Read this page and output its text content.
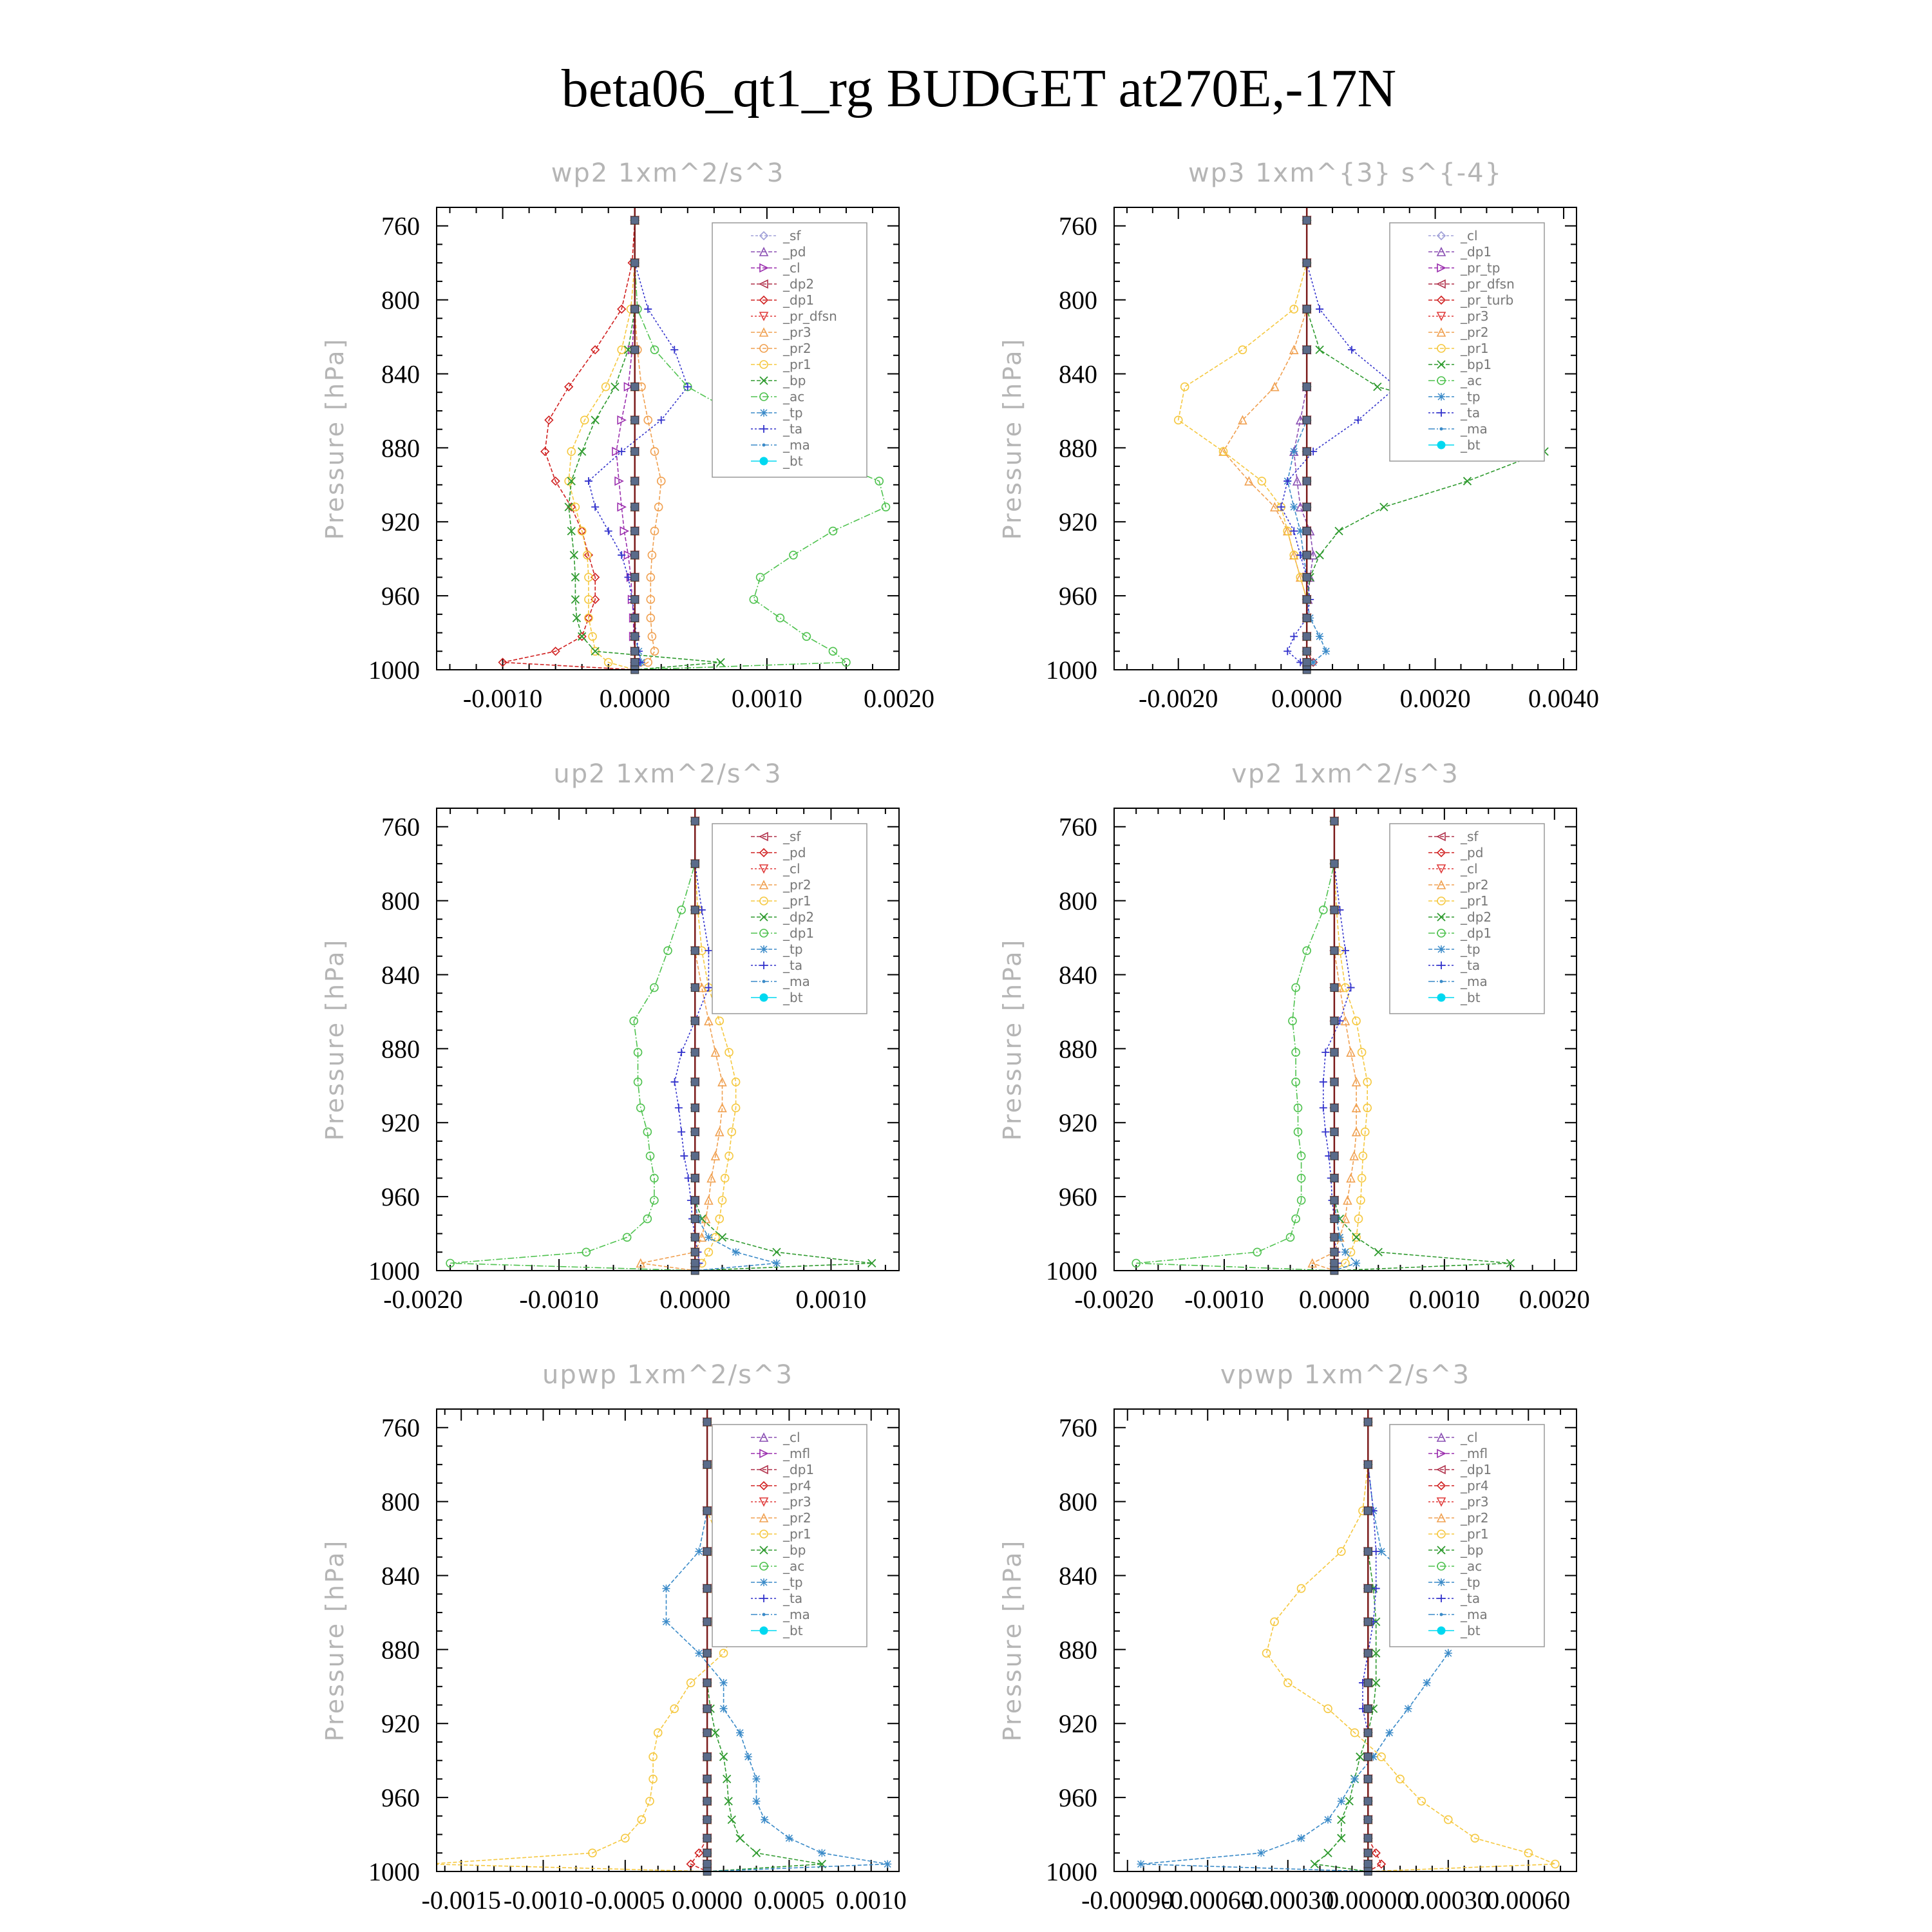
beta06_qt1_rg BUDGET at270E,-17N
wp2 1xm^2/s^3
Pressure [hPa]
760
800
840
880
920
960
1000
-0.0010 0.0000 0.0010 0.0020
_sf
_pd
_cl
_dp2
_dp1
_pr_dfsn
_pr3
_pr2
_pr1
_bp
_ac
_tp
_ta
_ma
_bt
wp3 1xm^{3} s^{-4}
Pressure [hPa]
760
800
840
880
920
960
1000
-0.0020 0.0000 0.0020 0.0040
_cl
_dp1
_pr_tp
_pr_dfsn
_pr_turb
_pr3
_pr2
_pr1
_bp1
_ac
_tp
_ta
_ma
_bt
up2 1xm^2/s^3
Pressure [hPa]
760
800
840
880
920
960
1000
-0.0020 -0.0010 0.0000	0.0010
_sf
_pd
_cl
_pr2
_pr1
_dp2
_dp1
_tp
_ta
_ma
_bt
vp2 1xm^2/s^3
Pressure [hPa]
760
800
840
880
920
960
1000
-0.0020 -0.0010 0.0000 0.0010 0.0020
_sf
_pd
_cl
_pr2
_pr1
_dp2
_dp1
_tp
_ta
_ma
_bt
upwp 1xm^2/s^3
Pressure [hPa]
760
800
840
880
920
960
1000
-0.0015 -0.0010 -0.0005 0.0000 0.0005 0.0010
_cl
_mfl
_dp1
_pr4
_pr3
_pr2
_pr1
_bp
_ac
_tp
_ta
_ma
_bt
vpwp 1xm^2/s^3
Pressure [hPa]
760
800
840
880
920
960
1000
-0.00090
-0.00060
-0.00030
0.00000
0.00030
0.00060
_cl
_mfl
_dp1
_pr4
_pr3
_pr2
_pr1
_bp
_ac
_tp
_ta
_ma
_bt
